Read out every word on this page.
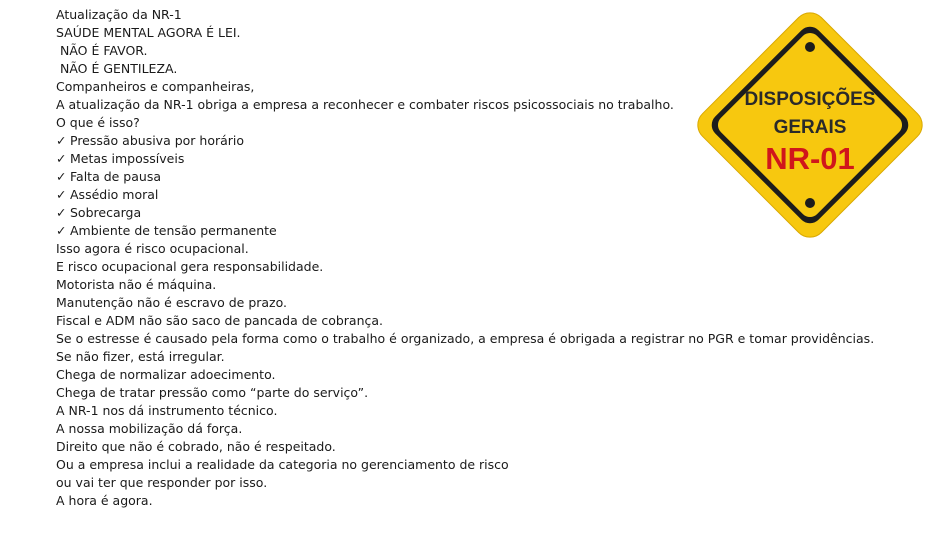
Atualização da NR-1
SAÚDE MENTAL AGORA É LEI.
NÃO É FAVOR.
NÃO É GENTILEZA.
Companheiros e companheiras,
A atualização da NR-1 obriga a empresa a reconhecer e combater riscos psicossociais no trabalho.
O que é isso?
✓ Pressão abusiva por horário
✓ Metas impossíveis
✓ Falta de pausa
✓ Assédio moral
✓ Sobrecarga
✓ Ambiente de tensão permanente
Isso agora é risco ocupacional.
E risco ocupacional gera responsabilidade.
Motorista não é máquina.
Manutenção não é escravo de prazo.
Fiscal e ADM não são saco de pancada de cobrança.
Se o estresse é causado pela forma como o trabalho é organizado, a empresa é obrigada a registrar no PGR e tomar providências.
Se não fizer, está irregular.
Chega de normalizar adoecimento.
Chega de tratar pressão como “parte do serviço”.
A NR-1 nos dá instrumento técnico.
A nossa mobilização dá força.
Direito que não é cobrado, não é respeitado.
Ou a empresa inclui a realidade da categoria no gerenciamento de risco
ou vai ter que responder por isso.
A hora é agora.
DISPOSIÇÕES
GERAIS
NR-01
